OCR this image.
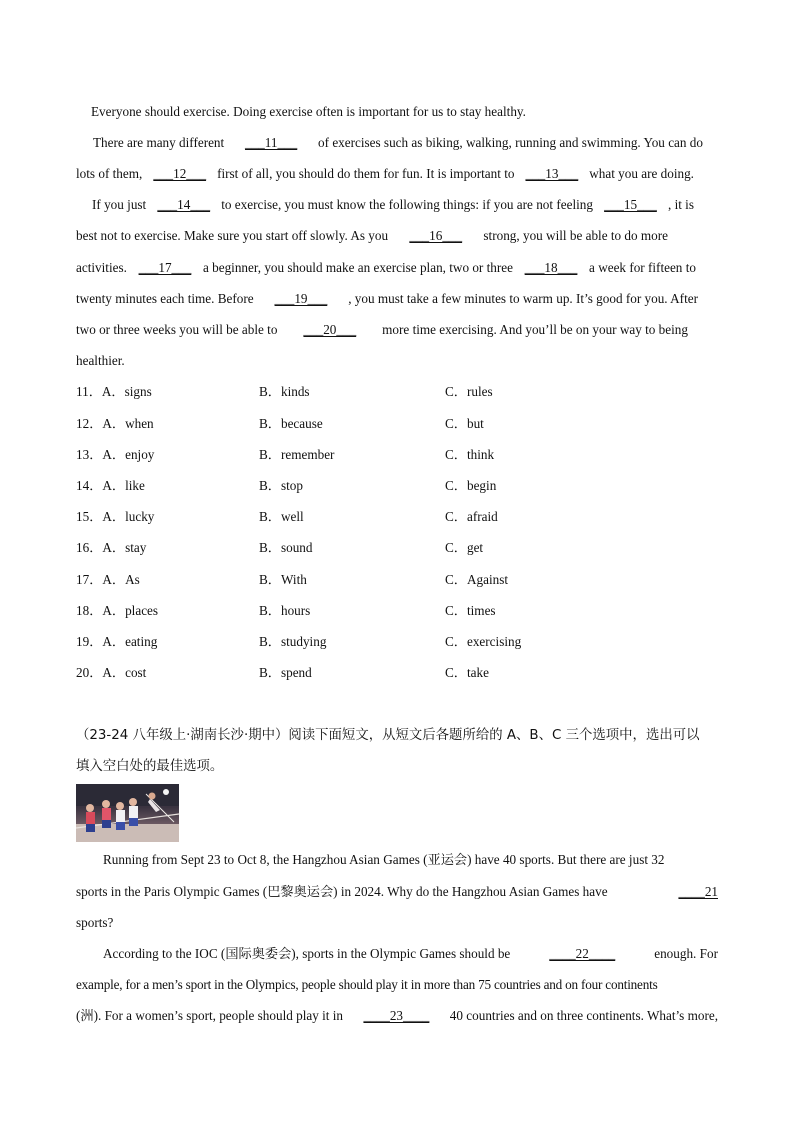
Everyone should exercise. Doing exercise often is important for us to stay healthy.
There are many different ___11___ of exercises such as biking, walking, running and swimming. You can do
lots of them, ___12___ first of all, you should do them for fun. It is important to ___13___ what you are doing.
If you just ___14___ to exercise, you must know the following things: if you are not feeling ___15___ , it is
best not to exercise. Make sure you start off slowly. As you ___16___ strong, you will be able to do more
activities. ___17___ a beginner, you should make an exercise plan, two or three ___18___ a week for fifteen to
twenty minutes each time. Before ___19___ , you must take a few minutes to warm up. It’s good for you. After
two or three weeks you will be able to ___20___ more time exercising. And you’ll be on your way to being
healthier.
11．A．signs	B．kinds	C．rules
12．A．when	B．because	C．but
13．A．enjoy	B．remember	C．think
14．A．like	B．stop	C．begin
15．A．lucky	B．well	C．afraid
16．A．stay	B．sound	C．get
17．A．As	B．With	C．Against
18．A．places	B．hours	C．times
19．A．eating	B．studying	C．exercising
20．A．cost	B．spend	C．take
（23-24 八年级上·湖南长沙·期中）阅读下面短文，从短文后各题所给的 A、B、C 三个选项中，选出可以
填入空白处的最佳选项。
Running from Sept 23 to Oct 8, the Hangzhou Asian Games (亚运会) have 40 sports. But there are just 32
sports in the Paris Olympic Games (巴黎奥运会) in 2024. Why do the Hangzhou Asian Games have	____21
sports?
According to the IOC (国际奥委会), sports in the Olympic Games should be	____22____	enough. For
example, for a men’s sport in the Olympics, people should play it in more than 75 countries and on four continents
(洲). For a women’s sport, people should play it in ____23____ 40 countries and on three continents. What’s more,
